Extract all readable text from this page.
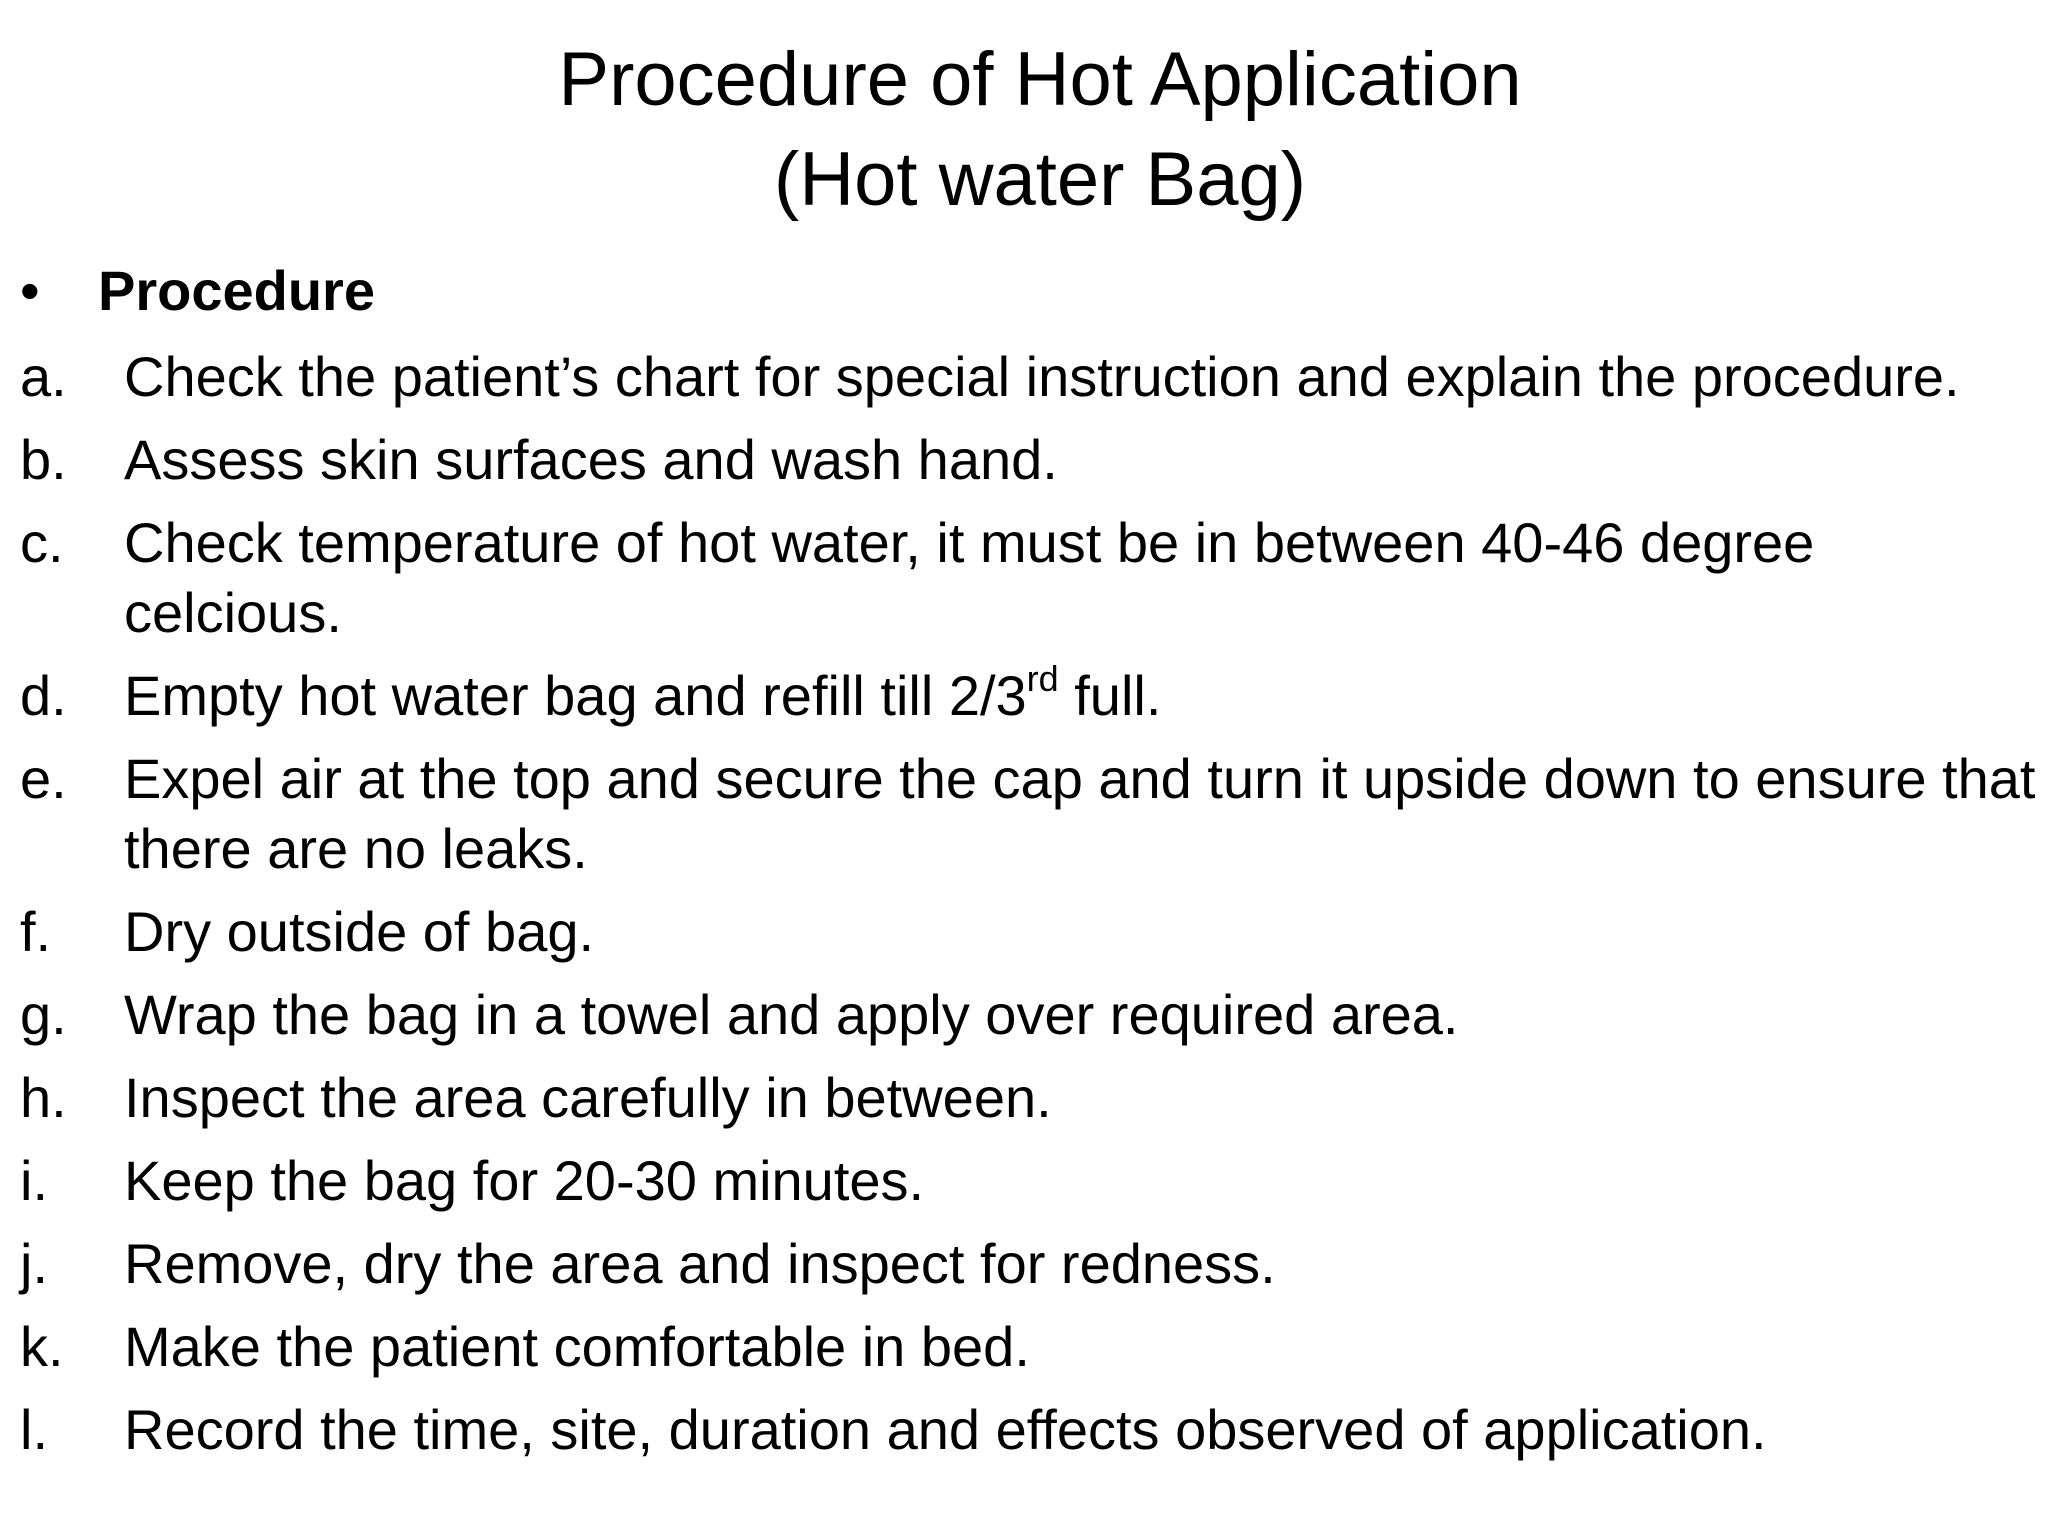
Procedure of Hot Application
(Hot water Bag)
•	Procedure
a.	Check the patient’s chart for special instruction and explain the procedure.
b.	Assess skin surfaces and wash hand.
c.	Check temperature of hot water, it must be in between 40-46 degree celcious.
d.	Empty hot water bag and refill till 2/3rd full.
e.	Expel air at the top and secure the cap and turn it upside down to ensure that there are no leaks.
f.	Dry outside of bag.
g.	Wrap the bag in a towel and apply over required area.
h.	Inspect the area carefully in between.
i.	Keep the bag for 20-30 minutes.
j.	Remove, dry the area and inspect for redness.
k.	Make the patient comfortable in bed.
l.	Record the time, site, duration and effects observed of application.
